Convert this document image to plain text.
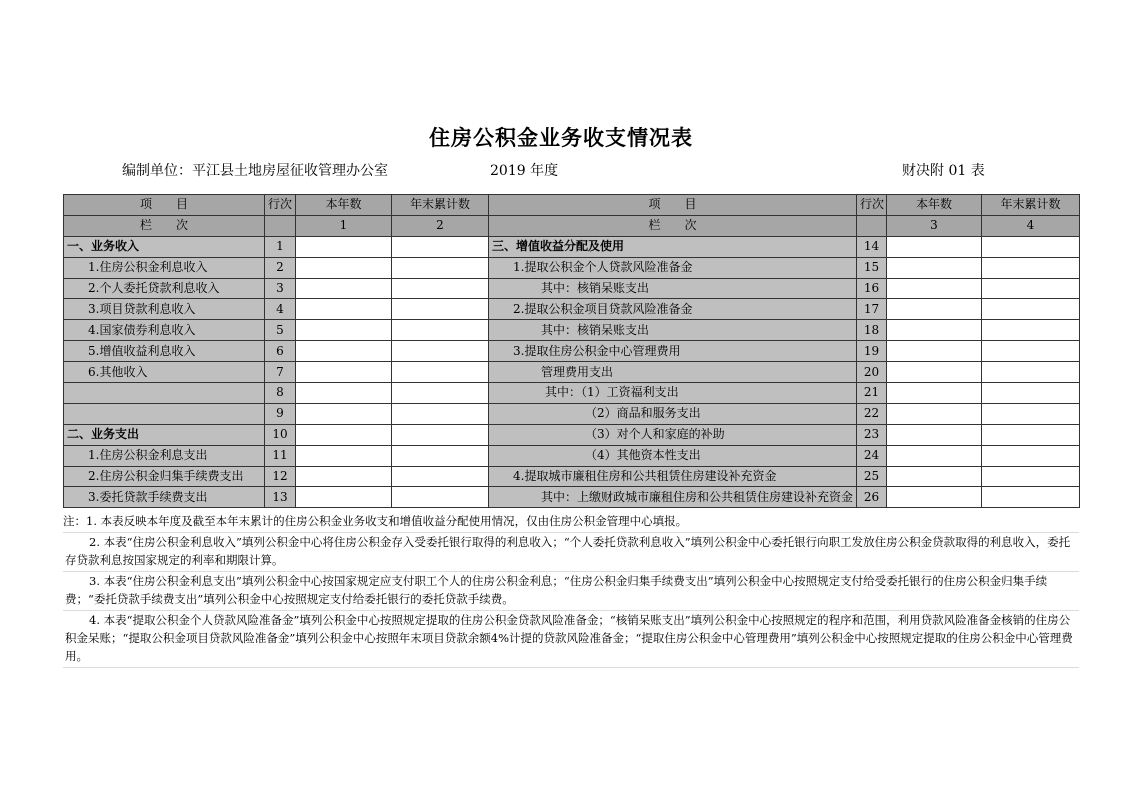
住房公积金业务收支情况表
编制单位：平江县土地房屋征收管理办公室	2019 年度	财决附 01 表
项　　目	行次	本年数	年末累计数	项　　目	行次	本年数	年末累计数
栏　　次		1	2	栏　　次		3	4
一、业务收入	1			三、增值收益分配及使用	14		
1.住房公积金利息收入	2			1.提取公积金个人贷款风险准备金	15		
2.个人委托贷款利息收入	3			其中：核销呆账支出	16		
3.项目贷款利息收入	4			2.提取公积金项目贷款风险准备金	17		
4.国家债券利息收入	5			其中：核销呆账支出	18		
5.增值收益利息收入	6			3.提取住房公积金中心管理费用	19		
6.其他收入	7			管理费用支出	20		
	8			其中：（1）工资福利支出	21		
	9			（2）商品和服务支出	22		
二、业务支出	10			（3）对个人和家庭的补助	23		
1.住房公积金利息支出	11			（4）其他资本性支出	24		
2.住房公积金归集手续费支出	12			4.提取城市廉租住房和公共租赁住房建设补充资金	25		
3.委托贷款手续费支出	13			其中：上缴财政城市廉租住房和公共租赁住房建设补充资金	26		
注：1. 本表反映本年度及截至本年末累计的住房公积金业务收支和增值收益分配使用情况，仅由住房公积金管理中心填报。
2. 本表“住房公积金利息收入”填列公积金中心将住房公积金存入受委托银行取得的利息收入；“个人委托贷款利息收入”填列公积金中心委托银行向职工发放住房公积金贷款取得的利息收入，委托存贷款利息按国家规定的利率和期限计算。
3. 本表“住房公积金利息支出”填列公积金中心按国家规定应支付职工个人的住房公积金利息；“住房公积金归集手续费支出”填列公积金中心按照规定支付给受委托银行的住房公积金归集手续费；“委托贷款手续费支出”填列公积金中心按照规定支付给委托银行的委托贷款手续费。
4. 本表“提取公积金个人贷款风险准备金”填列公积金中心按照规定提取的住房公积金贷款风险准备金；“核销呆账支出”填列公积金中心按照规定的程序和范围，利用贷款风险准备金核销的住房公积金呆账；“提取公积金项目贷款风险准备金”填列公积金中心按照年末项目贷款余额4%计提的贷款风险准备金；“提取住房公积金中心管理费用”填列公积金中心按照规定提取的住房公积金中心管理费用。
